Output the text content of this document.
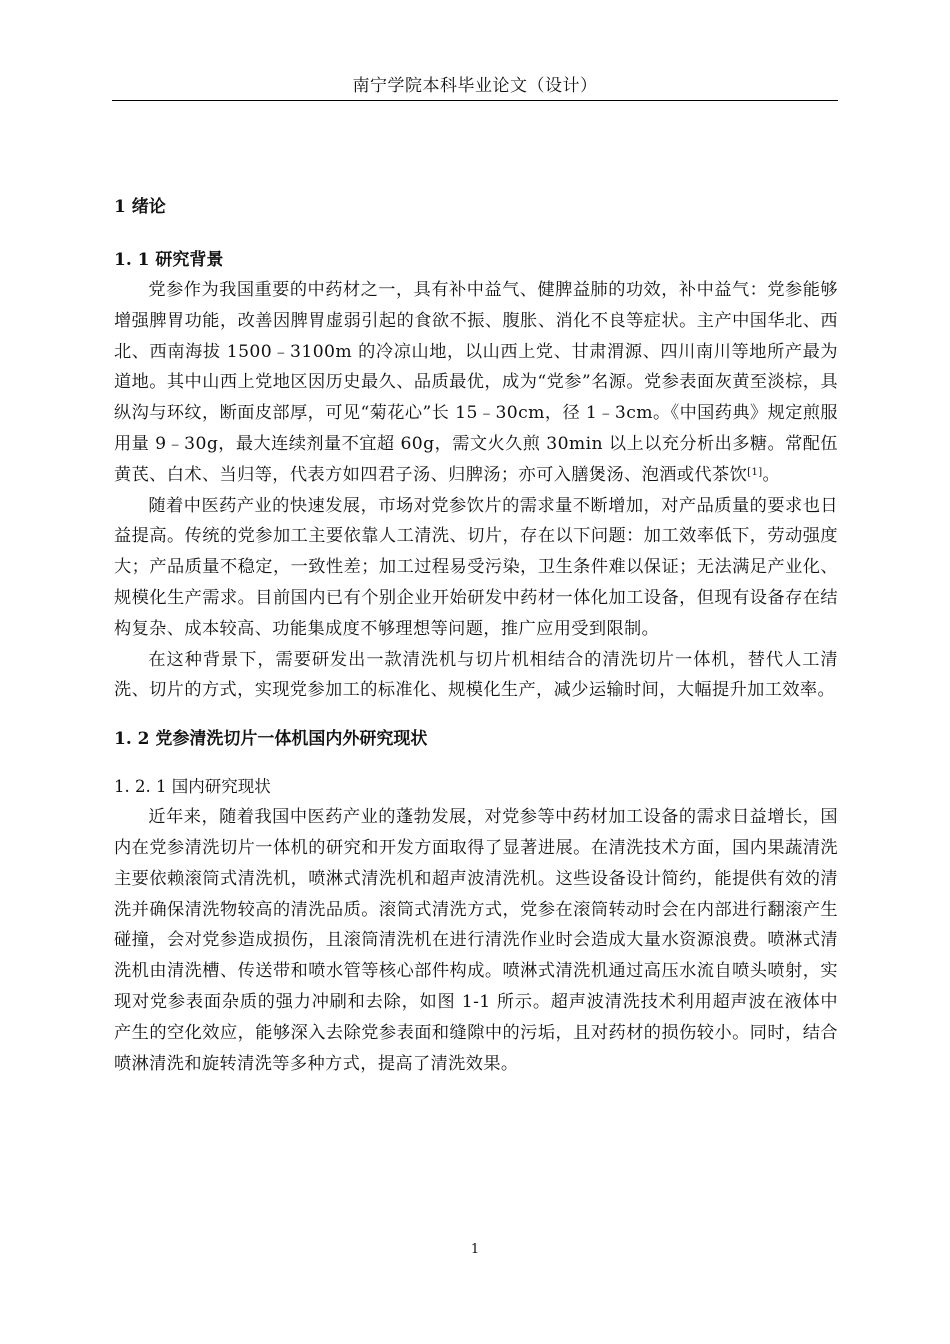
南宁学院本科毕业论文（设计）
1 绪论
1. 1 研究背景

党参作为我国重要的中药材之一，具有补中益气、健脾益肺的功效，补中益气：党参能够增强脾胃功能，改善因脾胃虚弱引起的食欲不振、腹胀、消化不良等症状。主产中国华北、西北、西南海拔 1500﹣3100m 的冷凉山地，以山西上党、甘肃渭源、四川南川等地所产最为道地。其中山西上党地区因历史最久、品质最优，成为“党参”名源。党参表面灰黄至淡棕，具纵沟与环纹，断面皮部厚，可见“菊花心”长 15﹣30cm，径 1﹣3cm。《中国药典》规定煎服用量 9﹣30g，最大连续剂量不宜超 60g，需文火久煎 30min 以上以充分析出多糖。常配伍黄芪、白术、当归等，代表方如四君子汤、归脾汤；亦可入膳煲汤、泡酒或代茶饮[1]。

随着中医药产业的快速发展，市场对党参饮片的需求量不断增加，对产品质量的要求也日益提高。传统的党参加工主要依靠人工清洗、切片，存在以下问题：加工效率低下，劳动强度大；产品质量不稳定，一致性差；加工过程易受污染，卫生条件难以保证；无法满足产业化、规模化生产需求。目前国内已有个别企业开始研发中药材一体化加工设备，但现有设备存在结构复杂、成本较高、功能集成度不够理想等问题，推广应用受到限制。

在这种背景下，需要研发出一款清洗机与切片机相结合的清洗切片一体机，替代人工清洗、切片的方式，实现党参加工的标准化、规模化生产，减少运输时间，大幅提升加工效率。

1. 2 党参清洗切片一体机国内外研究现状
1. 2. 1 国内研究现状

近年来，随着我国中医药产业的蓬勃发展，对党参等中药材加工设备的需求日益增长，国内在党参清洗切片一体机的研究和开发方面取得了显著进展。在清洗技术方面，国内果蔬清洗主要依赖滚筒式清洗机，喷淋式清洗机和超声波清洗机。这些设备设计简约，能提供有效的清洗并确保清洗物较高的清洗品质。滚筒式清洗方式，党参在滚筒转动时会在内部进行翻滚产生碰撞，会对党参造成损伤，且滚筒清洗机在进行清洗作业时会造成大量水资源浪费。喷淋式清洗机由清洗槽、传送带和喷水管等核心部件构成。喷淋式清洗机通过高压水流自喷头喷射，实现对党参表面杂质的强力冲刷和去除，如图 1-1 所示。超声波清洗技术利用超声波在液体中产生的空化效应，能够深入去除党参表面和缝隙中的污垢，且对药材的损伤较小。同时，结合喷淋清洗和旋转清洗等多种方式，提高了清洗效果。

1
